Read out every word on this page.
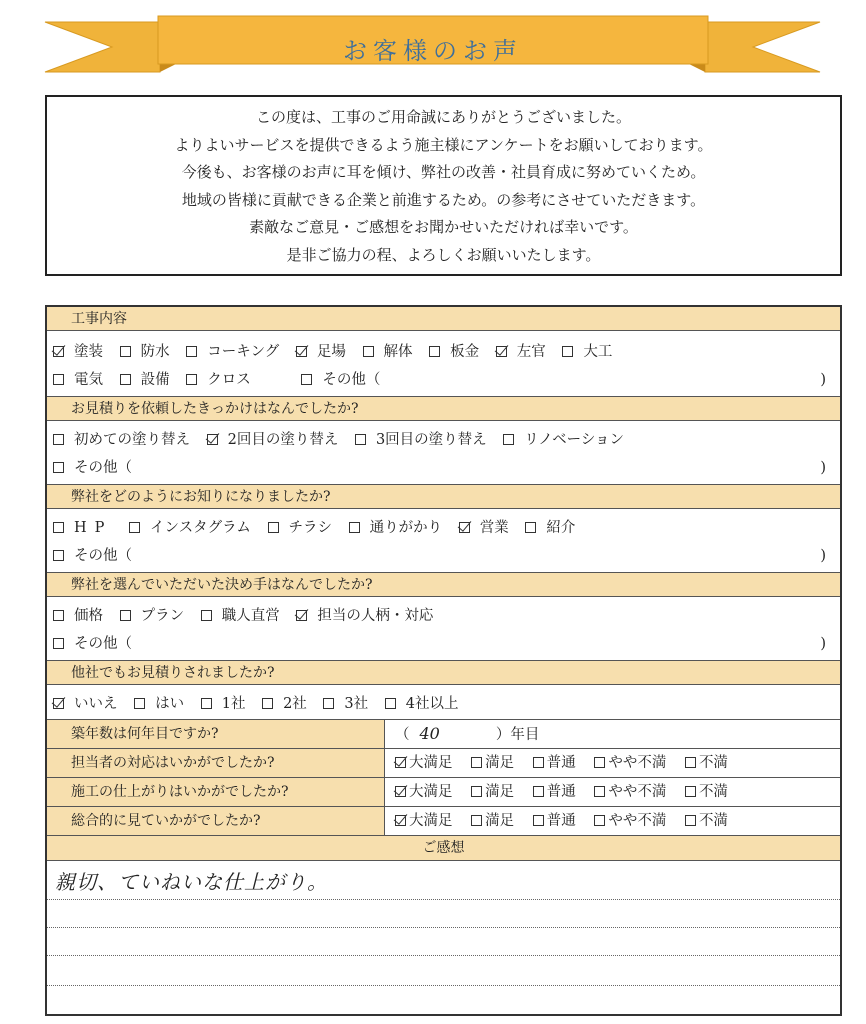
お客様のお声
この度は、工事のご用命誠にありがとうございました。
よりよいサービスを提供できるよう施主様にアンケートをお願いしております。
今後も、お客様のお声に耳を傾け、弊社の改善・社員育成に努めていくため。
地域の皆様に貢献できる企業と前進するため。の参考にさせていただきます。
素敵なご意見・ご感想をお聞かせいただければ幸いです。
是非ご協力の程、よろしくお願いいたします。
工事内容
塗装	防水	コーキング	足場	解体	板金	左官	大工
電気	設備	クロス	その他（	)
お見積りを依頼したきっかけはなんでしたか?
初めての塗り替え	2回目の塗り替え	3回目の塗り替え	リノベーション
その他（	)
弊社をどのようにお知りになりましたか?
HP	インスタグラム	チラシ	通りがかり	営業	紹介
その他（	)
弊社を選んでいただいた決め手はなんでしたか?
価格	プラン	職人直営	担当の人柄・対応
その他（	)
他社でもお見積りされましたか?
いいえ	はい	1社	2社	3社	4社以上
築年数は何年目ですか?	（ 40	）年目
担当者の対応はいかがでしたか?	大満足 満足 普通 やや不満 不満
施工の仕上がりはいかがでしたか?	大満足 満足 普通 やや不満 不満
総合的に見ていかがでしたか?	大満足 満足 普通 やや不満 不満
ご感想
親切、ていねいな仕上がり。
